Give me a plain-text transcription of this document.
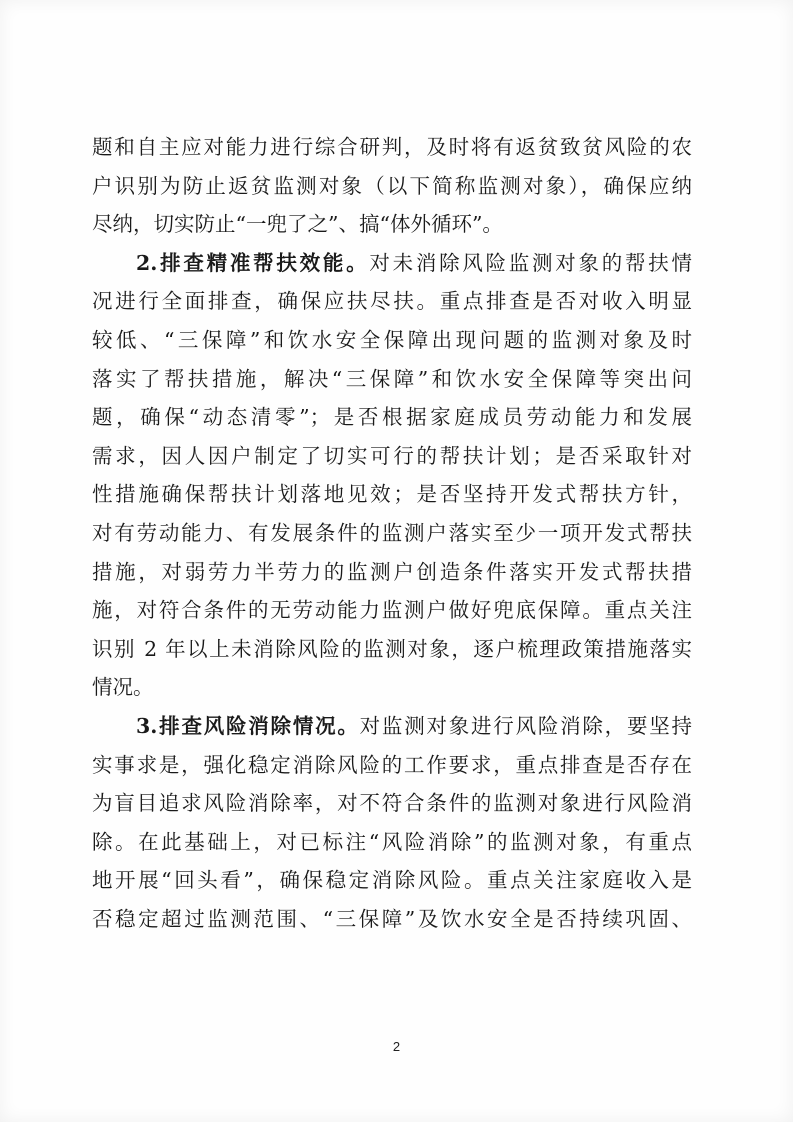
题和自主应对能力进行综合研判，及时将有返贫致贫风险的农
户识别为防止返贫监测对象（以下简称监测对象），确保应纳
尽纳，切实防止“一兜了之”、搞“体外循环”。
2.排查精准帮扶效能。对未消除风险监测对象的帮扶情
况进行全面排查，确保应扶尽扶。重点排查是否对收入明显
较低、“三保障”和饮水安全保障出现问题的监测对象及时
落实了帮扶措施，解决“三保障”和饮水安全保障等突出问
题，确保“动态清零”；是否根据家庭成员劳动能力和发展
需求，因人因户制定了切实可行的帮扶计划；是否采取针对
性措施确保帮扶计划落地见效；是否坚持开发式帮扶方针，
对有劳动能力、有发展条件的监测户落实至少一项开发式帮扶
措施，对弱劳力半劳力的监测户创造条件落实开发式帮扶措
施，对符合条件的无劳动能力监测户做好兜底保障。重点关注
识别 2 年以上未消除风险的监测对象，逐户梳理政策措施落实
情况。
3.排查风险消除情况。对监测对象进行风险消除，要坚持
实事求是，强化稳定消除风险的工作要求，重点排查是否存在
为盲目追求风险消除率，对不符合条件的监测对象进行风险消
除。在此基础上，对已标注“风险消除”的监测对象，有重点
地开展“回头看”，确保稳定消除风险。重点关注家庭收入是
否稳定超过监测范围、“三保障”及饮水安全是否持续巩固、
2
